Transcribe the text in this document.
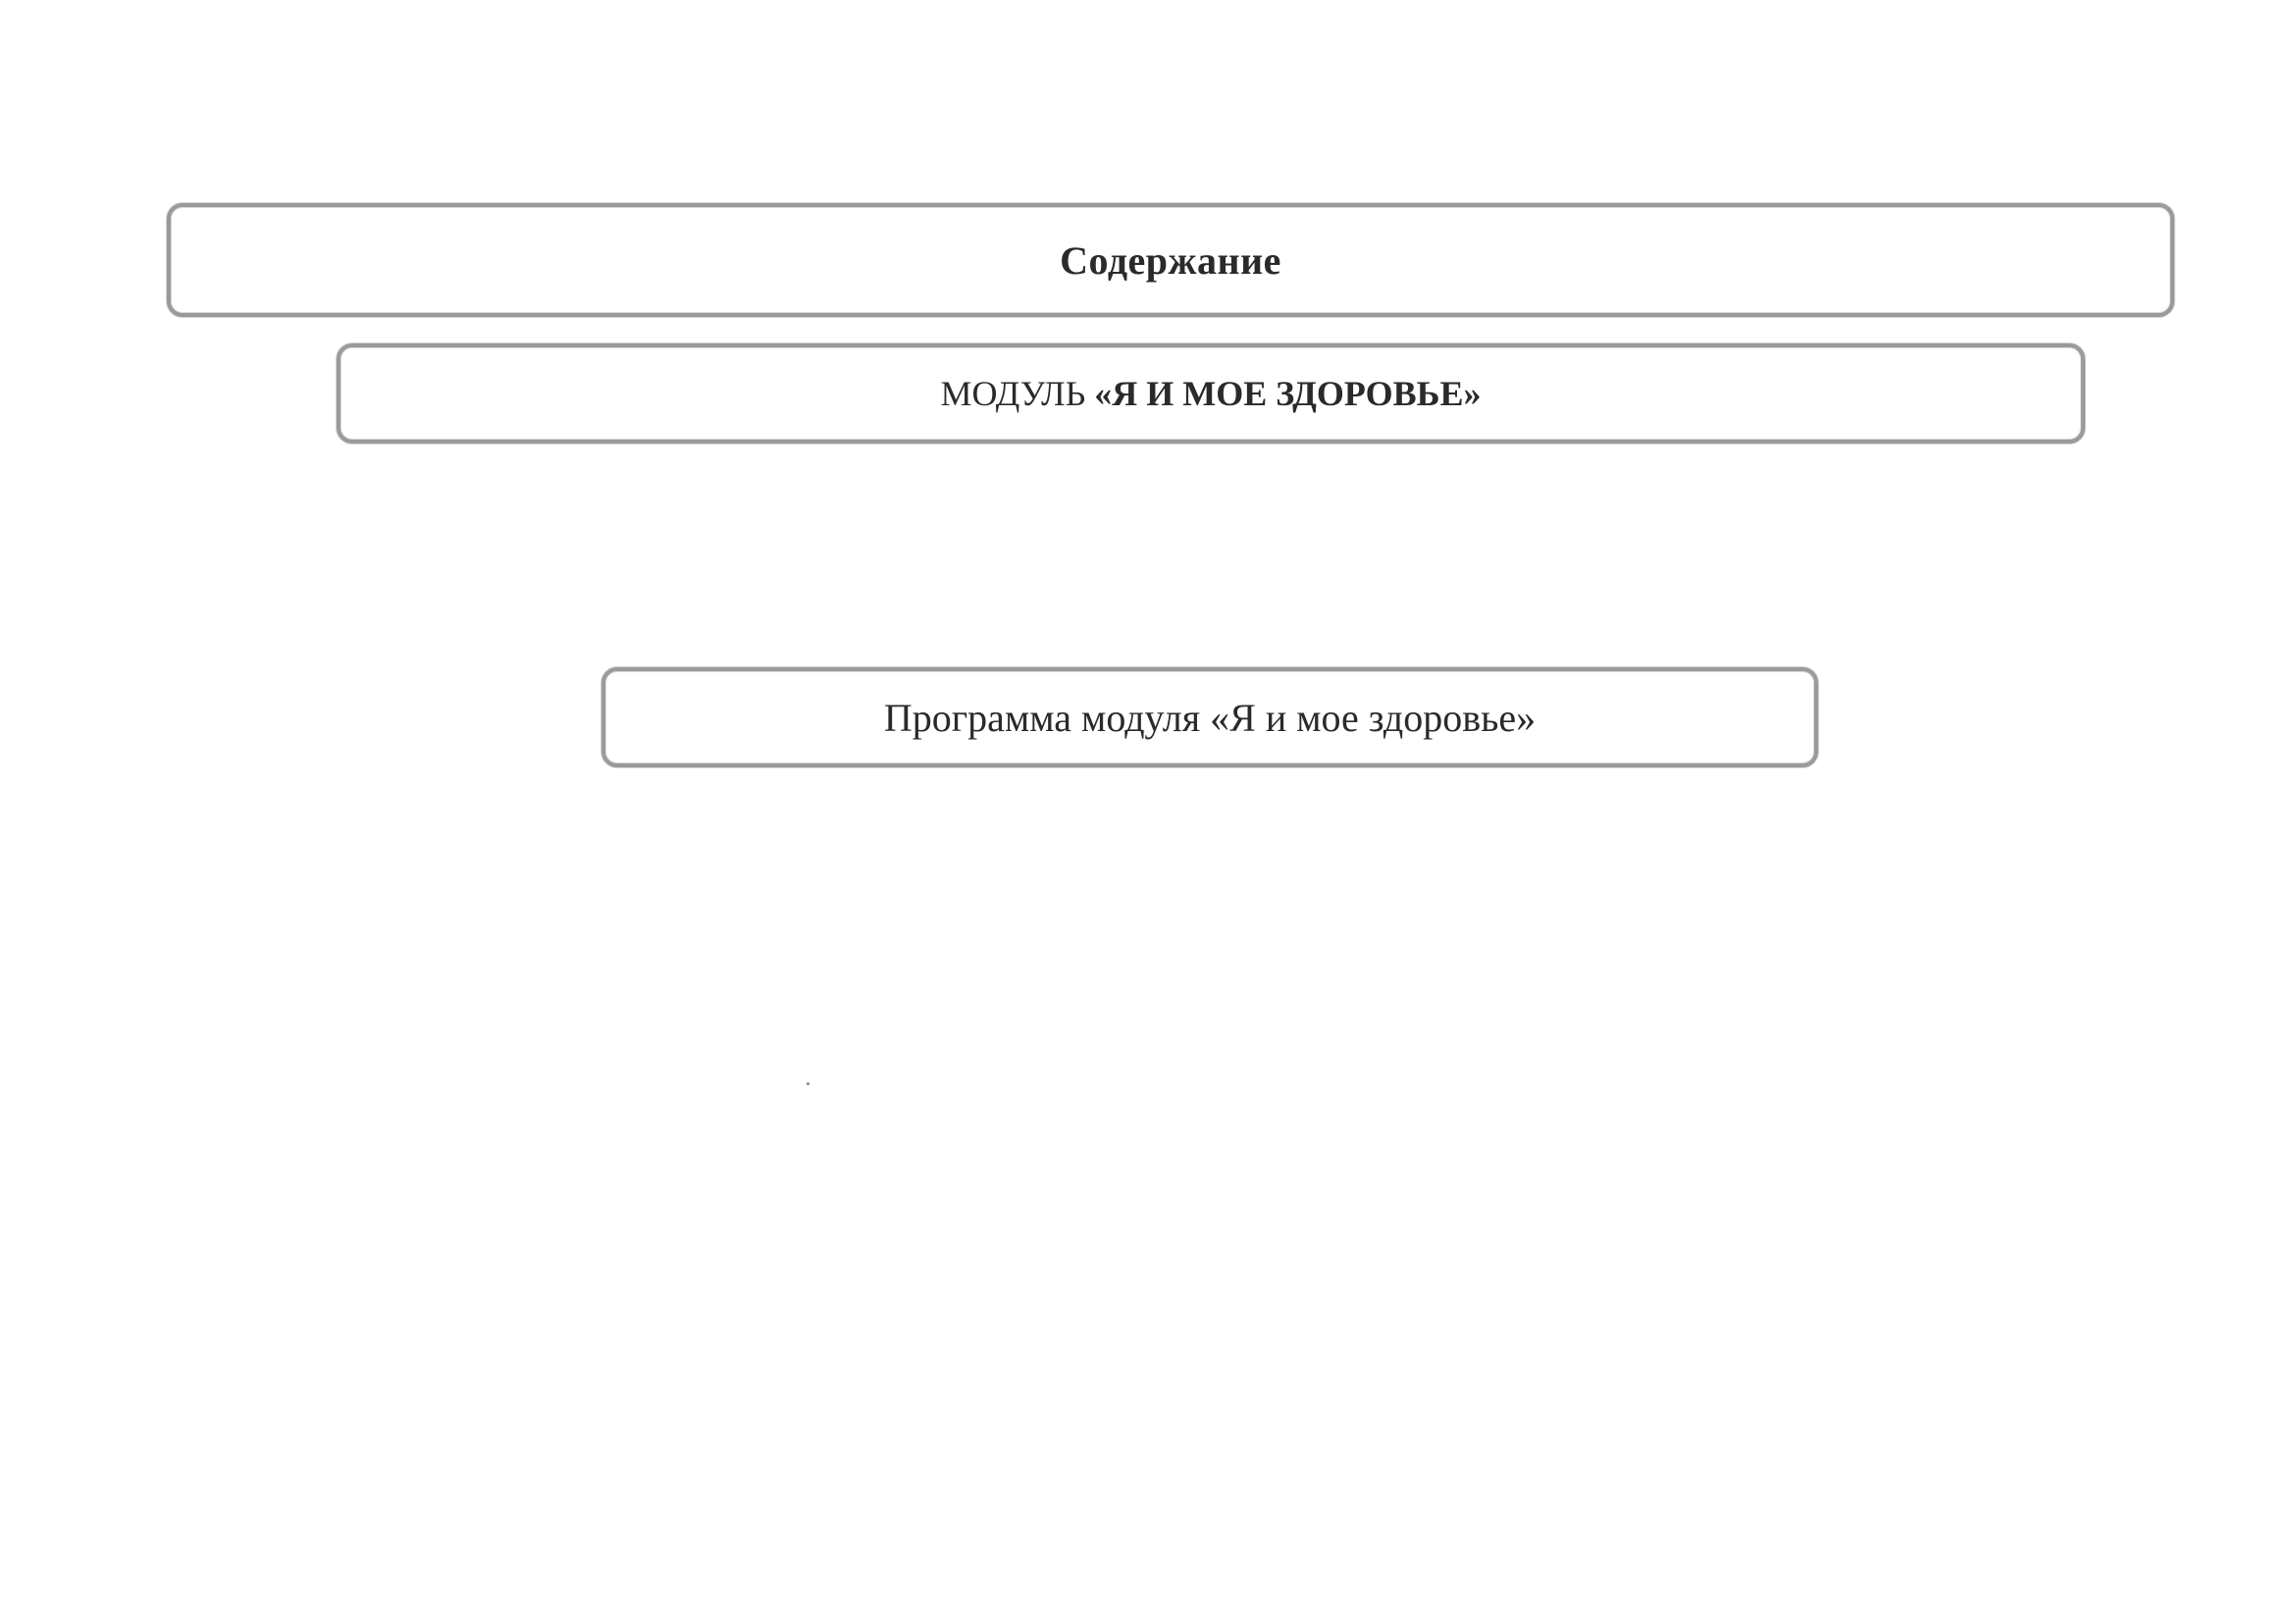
Содержание
МОДУЛЬ «Я И МОЕ ЗДОРОВЬЕ»
Программа модуля «Я и мое здоровье»
